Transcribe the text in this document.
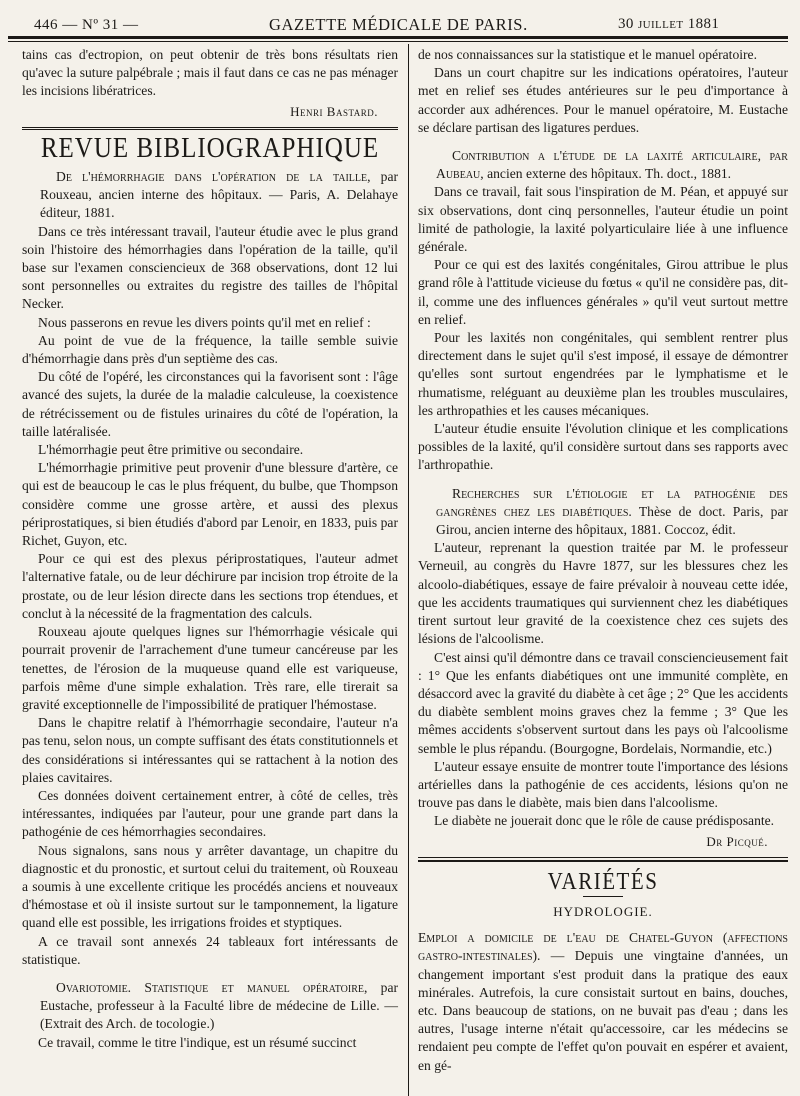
446 — Nº 31 —	GAZETTE MÉDICALE DE PARIS.	30 juillet 1881

tains cas d'ectropion, on peut obtenir de très bons résultats rien qu'avec la suture palpébrale ; mais il faut dans ce cas ne pas ménager les incisions libératrices.

Henri Bastard.
REVUE BIBLIOGRAPHIQUE

De l'hémorrhagie dans l'opération de la taille, par Rouxeau, ancien interne des hôpitaux. — Paris, A. Delahaye éditeur, 1881.

Dans ce très intéressant travail, l'auteur étudie avec le plus grand soin l'histoire des hémorrhagies dans l'opération de la taille, qu'il base sur l'examen consciencieux de 368 observations, dont 12 lui sont personnelles ou extraites du registre des tailles de l'hôpital Necker.

Nous passerons en revue les divers points qu'il met en relief :

Au point de vue de la fréquence, la taille semble suivie d'hémorrhagie dans près d'un septième des cas.

Du côté de l'opéré, les circonstances qui la favorisent sont : l'âge avancé des sujets, la durée de la maladie calculeuse, la coexistence de rétrécissement ou de fistules urinaires du côté de l'opération, la taille latéralisée.

L'hémorrhagie peut être primitive ou secondaire.

L'hémorrhagie primitive peut provenir d'une blessure d'artère, ce qui est de beaucoup le cas le plus fréquent, du bulbe, que Thompson considère comme une grosse artère, et aussi des plexus périprostatiques, si bien étudiés d'abord par Lenoir, en 1833, puis par Richet, Guyon, etc.

Pour ce qui est des plexus périprostatiques, l'auteur admet l'alternative fatale, ou de leur déchirure par incision trop étroite de la prostate, ou de leur lésion directe dans les sections trop étendues, et conclut à la nécessité de la fragmentation des calculs.

Rouxeau ajoute quelques lignes sur l'hémorrhagie vésicale qui pourrait provenir de l'arrachement d'une tumeur cancéreuse par les tenettes, de l'érosion de la muqueuse quand elle est variqueuse, parfois même d'une simple exhalation. Très rare, elle tirerait sa gravité exceptionnelle de l'impossibilité de pratiquer l'hémostase.

Dans le chapitre relatif à l'hémorrhagie secondaire, l'auteur n'a pas tenu, selon nous, un compte suffisant des états constitutionnels et des considérations si intéressantes qui se rattachent à la notion des plaies cavitaires.

Ces données doivent certainement entrer, à côté de celles, très intéressantes, indiquées par l'auteur, pour une grande part dans la pathogénie de ces hémorrhagies secondaires.

Nous signalons, sans nous y arrêter davantage, un chapitre du diagnostic et du pronostic, et surtout celui du traitement, où Rouxeau a soumis à une excellente critique les procédés anciens et nouveaux d'hémostase et où il insiste surtout sur le tamponnement, la ligature quand elle est possible, les irrigations froides et styptiques.

A ce travail sont annexés 24 tableaux fort intéressants de statistique.

Ovariotomie. Statistique et manuel opératoire, par Eustache, professeur à la Faculté libre de médecine de Lille. — (Extrait des Arch. de tocologie.)

Ce travail, comme le titre l'indique, est un résumé succinct

de nos connaissances sur la statistique et le manuel opératoire.

Dans un court chapitre sur les indications opératoires, l'auteur met en relief ses études antérieures sur le peu d'importance à accorder aux adhérences. Pour le manuel opératoire, M. Eustache se déclare partisan des ligatures perdues.

Contribution a l'étude de la laxité articulaire, par Aubeau, ancien externe des hôpitaux. Th. doct., 1881.

Dans ce travail, fait sous l'inspiration de M. Péan, et appuyé sur six observations, dont cinq personnelles, l'auteur étudie un point limité de pathologie, la laxité polyarticulaire liée à une influence générale.

Pour ce qui est des laxités congénitales, Girou attribue le plus grand rôle à l'attitude vicieuse du fœtus « qu'il ne considère pas, dit-il, comme une des influences générales » qu'il veut surtout mettre en relief.

Pour les laxités non congénitales, qui semblent rentrer plus directement dans le sujet qu'il s'est imposé, il essaye de démontrer qu'elles sont surtout engendrées par le lymphatisme et le rhumatisme, reléguant au deuxième plan les troubles musculaires, les arthropathies et les causes mécaniques.

L'auteur étudie ensuite l'évolution clinique et les complications possibles de la laxité, qu'il considère surtout dans ses rapports avec l'arthropathie.

Recherches sur l'étiologie et la pathogénie des gangrènes chez les diabétiques. Thèse de doct. Paris, par Girou, ancien interne des hôpitaux, 1881. Coccoz, édit.

L'auteur, reprenant la question traitée par M. le professeur Verneuil, au congrès du Havre 1877, sur les blessures chez les alcoolo-diabétiques, essaye de faire prévaloir à nouveau cette idée, que les accidents traumatiques qui surviennent chez les diabétiques tirent surtout leur gravité de la coexistence chez ces sujets des lésions de l'alcoolisme.

C'est ainsi qu'il démontre dans ce travail consciencieusement fait : 1° Que les enfants diabétiques ont une immunité complète, en désaccord avec la gravité du diabète à cet âge ; 2° Que les accidents du diabète semblent moins graves chez la femme ; 3° Que les mêmes accidents s'observent surtout dans les pays où l'alcoolisme semble le plus répandu. (Bourgogne, Bordelais, Normandie, etc.)

L'auteur essaye ensuite de montrer toute l'importance des lésions artérielles dans la pathogénie de ces accidents, lésions qu'on ne trouve pas dans le diabète, mais bien dans l'alcoolisme.

Le diabète ne jouerait donc que le rôle de cause prédisposante.

Dr Picqué.
VARIÉTÉS
HYDROLOGIE.

Emploi a domicile de l'eau de Chatel-Guyon (affections gastro-intestinales). — Depuis une vingtaine d'années, un changement important s'est produit dans la pratique des eaux minérales. Autrefois, la cure consistait surtout en bains, douches, etc. Dans beaucoup de stations, on ne buvait pas d'eau ; dans les autres, l'usage interne n'était qu'accessoire, car les médecins se rendaient peu compte de l'effet qu'on pouvait en espérer et avaient, en gé-
